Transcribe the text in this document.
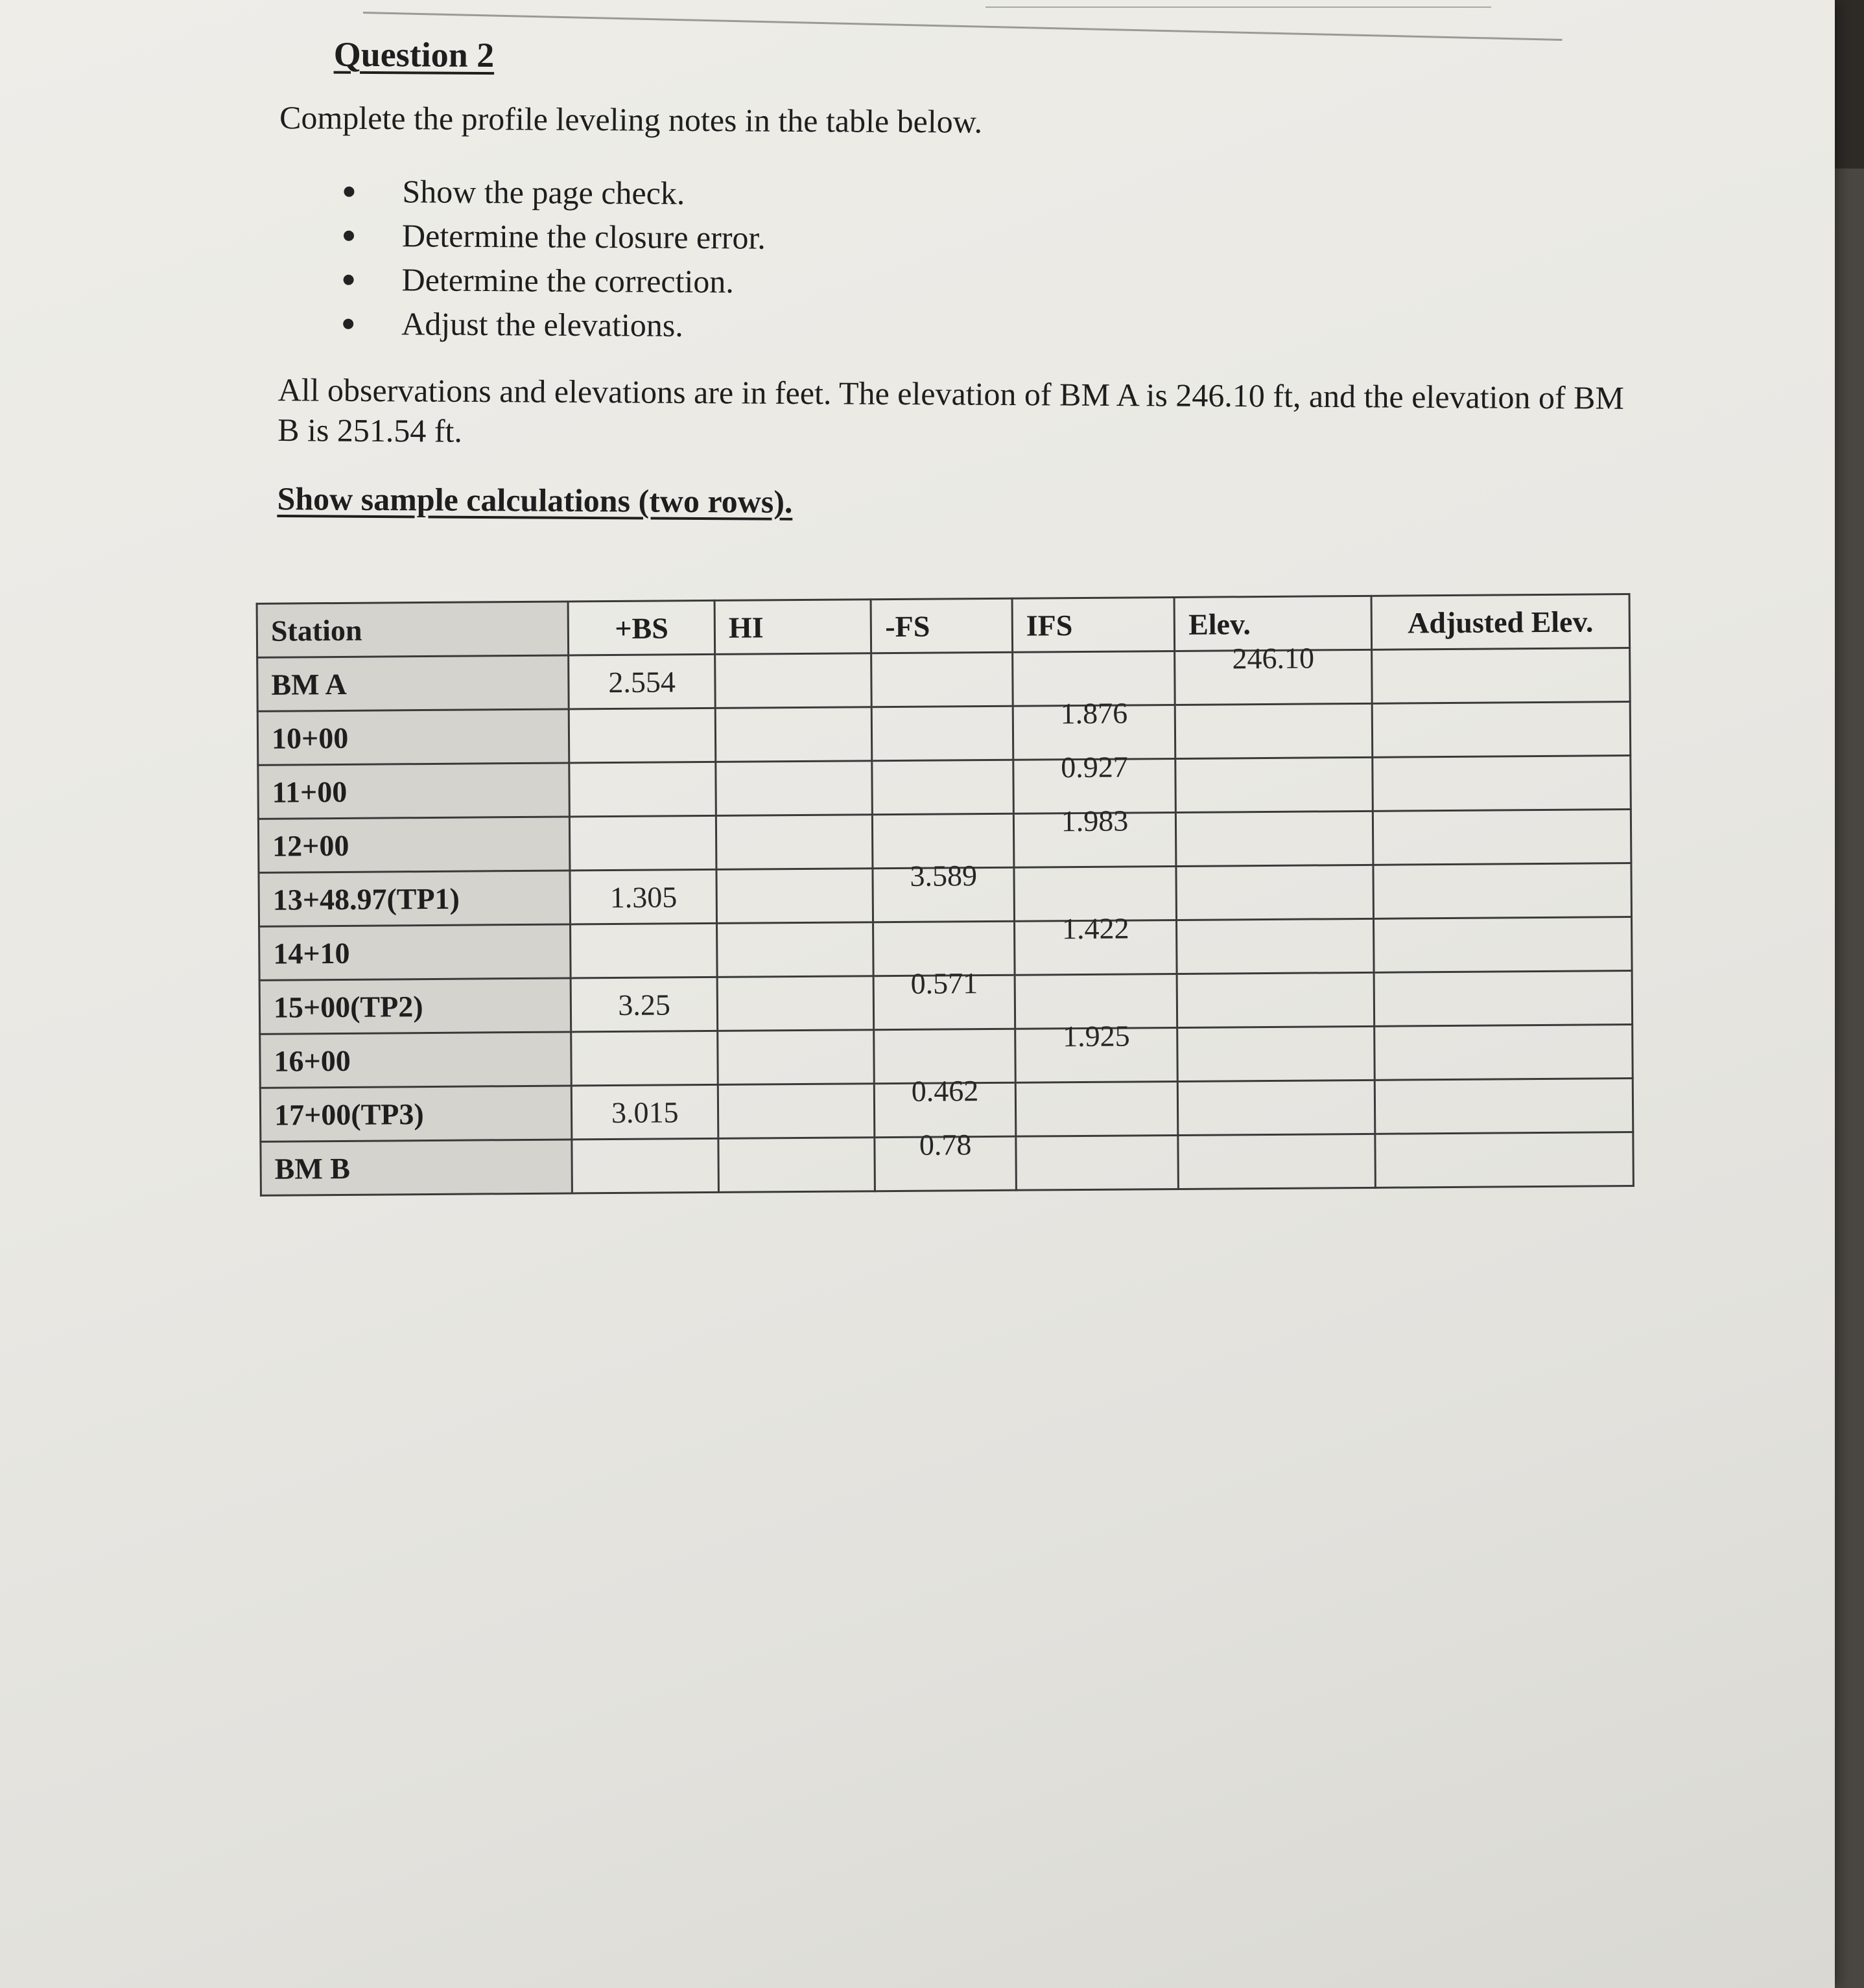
Question 2
Complete the profile leveling notes in the table below.
Show the page check.
Determine the closure error.
Determine the correction.
Adjust the elevations.
All observations and elevations are in feet. The elevation of BM A is 246.10 ft, and the elevation of BM B is 251.54 ft.
Show sample calculations (two rows).
Station	+BS	HI	-FS	IFS	Elev.	Adjusted Elev.
BM A	2.554				246.10	
10+00				1.876		
11+00				0.927		
12+00				1.983		
13+48.97(TP1)	1.305		3.589			
14+10				1.422		
15+00(TP2)	3.25		0.571			
16+00				1.925		
17+00(TP3)	3.015		0.462			
BM B			0.78			
